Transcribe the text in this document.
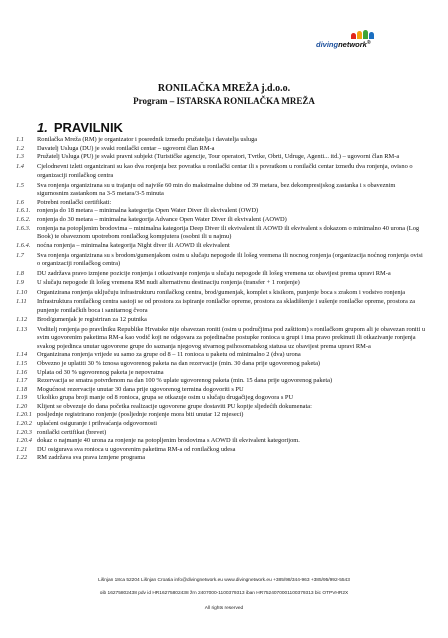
divingnetwork®
RONILAČKA MREŽA j.d.o.o.
Program – ISTARSKA RONILAČKA MREŽA
1. PRAVILNIK
1.1	Ronilačka Mreža (RM) je organizator i posrednik između pružatelja i davatelja usluga
1.2	Davatelj Usluga (DU) je svaki ronilački centar – ugovorni član RM-a
1.3	Pružatelj Usluga (PU) je svaki pravni subjekt (Turističke agencije, Tour operatori, Tvrtke, Obrti, Udruge, Agenti... itd.) – ugovorni član RM-a
1.4	Cjelodnevni izleti organizirani su kao dva ronjenja bez povratka u ronilački centar ili s povratkom u ronilački centar između dva ronjenja, ovisno o organizaciji ronilačkog centra
1.5	Sva ronjenja organizirana su u trajanju od najviše 60 min do maksimalne dubine od 39 metara, bez dekompresijskog zastanka i s obaveznim sigurnosnim zastankom na 3-5 metara/3-5 minuta
1.6	Potrebni ronilački certifikati:
1.6.1.	ronjenja do 18 metara – minimalna kategorija Open Water Diver ili ekvivalent (OWD)
1.6.2.	ronjenja do 30 metara – minimalna kategorija Advance Open Water Diver ili ekvivalent (AOWD)
1.6.3.	ronjenja na potopljenim brodovima – minimalna kategorija Deep Diver ili ekvivalent ili AOWD ili ekvivalent s dokazom o minimalno 40 urona (Log Book) te obaveznom upotrebom ronilačkog kompjutera (osobni ili u najmu)
1.6.4.	noćna ronjenja – minimalna kategorija Night diver ili AOWD ili ekvivalent
1.7	Sva ronjenja organizirana su s brodom/gumenjakom osim u slučaju nepogode ili lošeg vremena ili nocnog ronjenja (organizacija noćnog ronjenja ovisi o organizaciji ronilačkog centra)
1.8	DU zadržava pravo izmjene pozicije ronjenja i otkazivanje ronjenja u slučaju nepogode ili lošeg vremena uz obavijest prema upravi RM-a
1.9	U slučaju nepogode ili lošeg vremena RM nudi alternativnu destinaciju ronjenja (transfer + 1 ronjenje)
1.10	Organizirana ronjenja uključuju infrastrukturu ronilačkog centra, brod/gumenjak, komplet s kisikom, punjenje boca s zrakom i vodstvo ronjenja
1.11	Infrastruktura ronilačkog centra sastoji se od prostora za ispiranje ronilačke opreme, prostora za skladištenje i sušenje ronilačke opreme, prostora za punjenje ronilačkih boca i sanitarnog čvora
1.12	Brod/gumenjak je registriran za 12 putnika
1.13	Voditelj ronjenja po pravilniku Republike Hrvatske nije obavezan roniti (osim u područjima pod zaštitom) s ronilačkom grupom ali je obavezan roniti u svim ugovorenim paketima RM-a kao vodič koji ne odgovara za pojedinačne postupke ronioca u grupi i ima pravo prekinuti ili otkazivanje ronjenja svakog pojedinca unutar ugovorene grupe do saznanja njegovog stvarnog psihosomatskog statusa uz obavijest prema upravi RM-a
1.14	Organizirana ronjenja vrijede su samo za grupe od 8 – 11 ronioca u paketu od minimalno 2 (dva) urona
1.15	Obvezno je uplatiti 30 % iznosa ugovorenog paketa na dan rezervacije (min. 30 dana prije ugovorenog paketa)
1.16	Uplata od 30 % ugovorenog paketa je nepovratna
1.17	Rezervacija se smatra potvrđenom na dan 100 % uplate ugovorenog paketa (min. 15 dana prije ugovorenog paketa)
1.18	Mogućnost rezervacije unutar 30 dana prije ugovorenog termina dogovoriti s PU
1.19	Ukoliko grupa broji manje od 8 ronioca, grupa se otkazuje osim u slučaju drugačijeg dogovora s PU
1.20	Klijent se obvezuje do dana početka realizacije ugovorene grupe dostaviti PU kopije sljedećih dokumenata:
1.20.1 posljednje registrirano ronjenje (posljednje ronjenje mora biti unutar 12 mjeseci)
1.20.2 uplaćeni osiguranje i prihvaćanja odgovornosti
1.20.3 ronilački certifikat (brevet)
1.20.4 dokaz o najmanje 40 urona za ronjenje na potopljenim brodovima s AOWD ili ekvivalent kategorijom.
1.21	DU osigurava sva ronioca u ugovorenim paketima RM-a od ronilačkog udesa
1.22	RM zadržava sva prava izmjene programa
Lišnjan 18ca 52204 Lišnjan Croatia info@divingnetwork.eu www.divingnetwork.eu +385/98/344-963 +385/95/992-5543
oib 16275802438 pdv id HR16275802438 žrn 2407000-1100379313 iban HR7524070001100379313 bic OTPVHR2X
All rights reserved
